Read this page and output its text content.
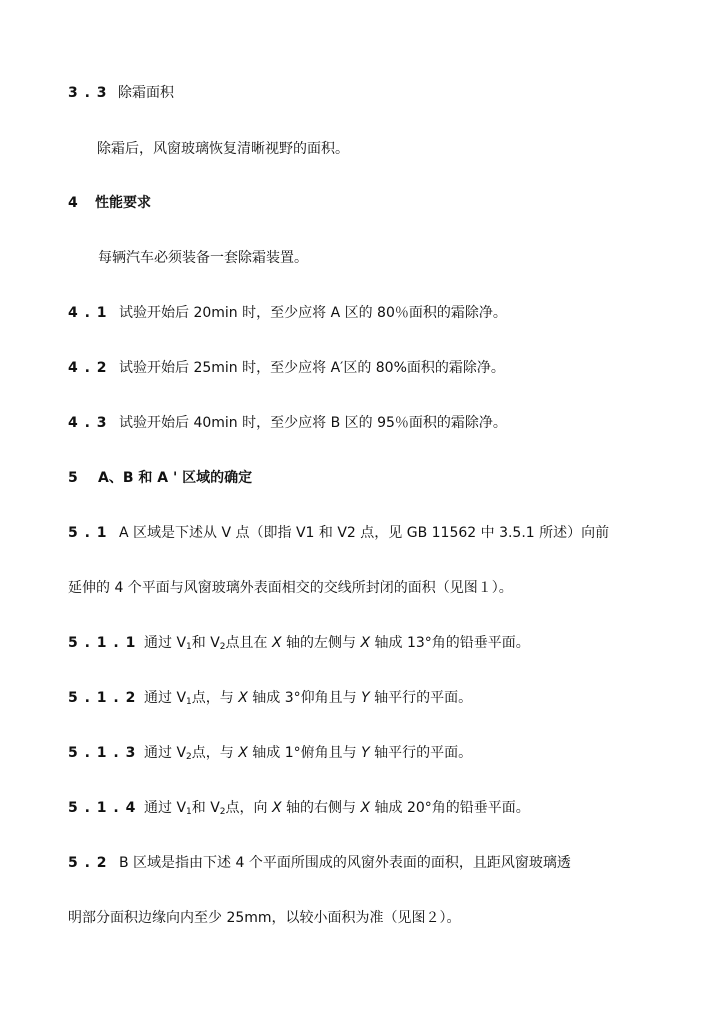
3 . 3 除霜面积
除霜后，风窗玻璃恢复清晰视野的面积。
4 性能要求
每辆汽车必须装备一套除霜装置。
4 . 1 试验开始后 20min 时，至少应将 A 区的 80％面积的霜除净。
4 . 2 试验开始后 25min 时，至少应将 A′区的 80%面积的霜除净。
4 . 3 试验开始后 40min 时，至少应将 B 区的 95％面积的霜除净。
5 A、B 和 A ' 区域的确定
5 . 1 A 区域是下述从 V 点（即指 V1 和 V2 点，见 GB 11562 中 3.5.1 所述）向前
延伸的 4 个平面与风窗玻璃外表面相交的交线所封闭的面积（见图１）。
5 . 1 . 1 通过 $V_1$和 $V_2$点且在 X 轴的左侧与 X 轴成 13°角的铅垂平面。
5 . 1 . 2 通过 $V_1$点，与 X 轴成 3°仰角且与 Y 轴平行的平面。
5 . 1 . 3 通过 $V_2$点，与 X 轴成 1°俯角且与 Y 轴平行的平面。
5 . 1 . 4 通过 $V_1$和 $V_2$点，向 X 轴的右侧与 X 轴成 20°角的铅垂平面。
5 . 2 B 区域是指由下述 4 个平面所围成的风窗外表面的面积，且距风窗玻璃透
明部分面积边缘向内至少 25mm，以较小面积为准（见图２）。
